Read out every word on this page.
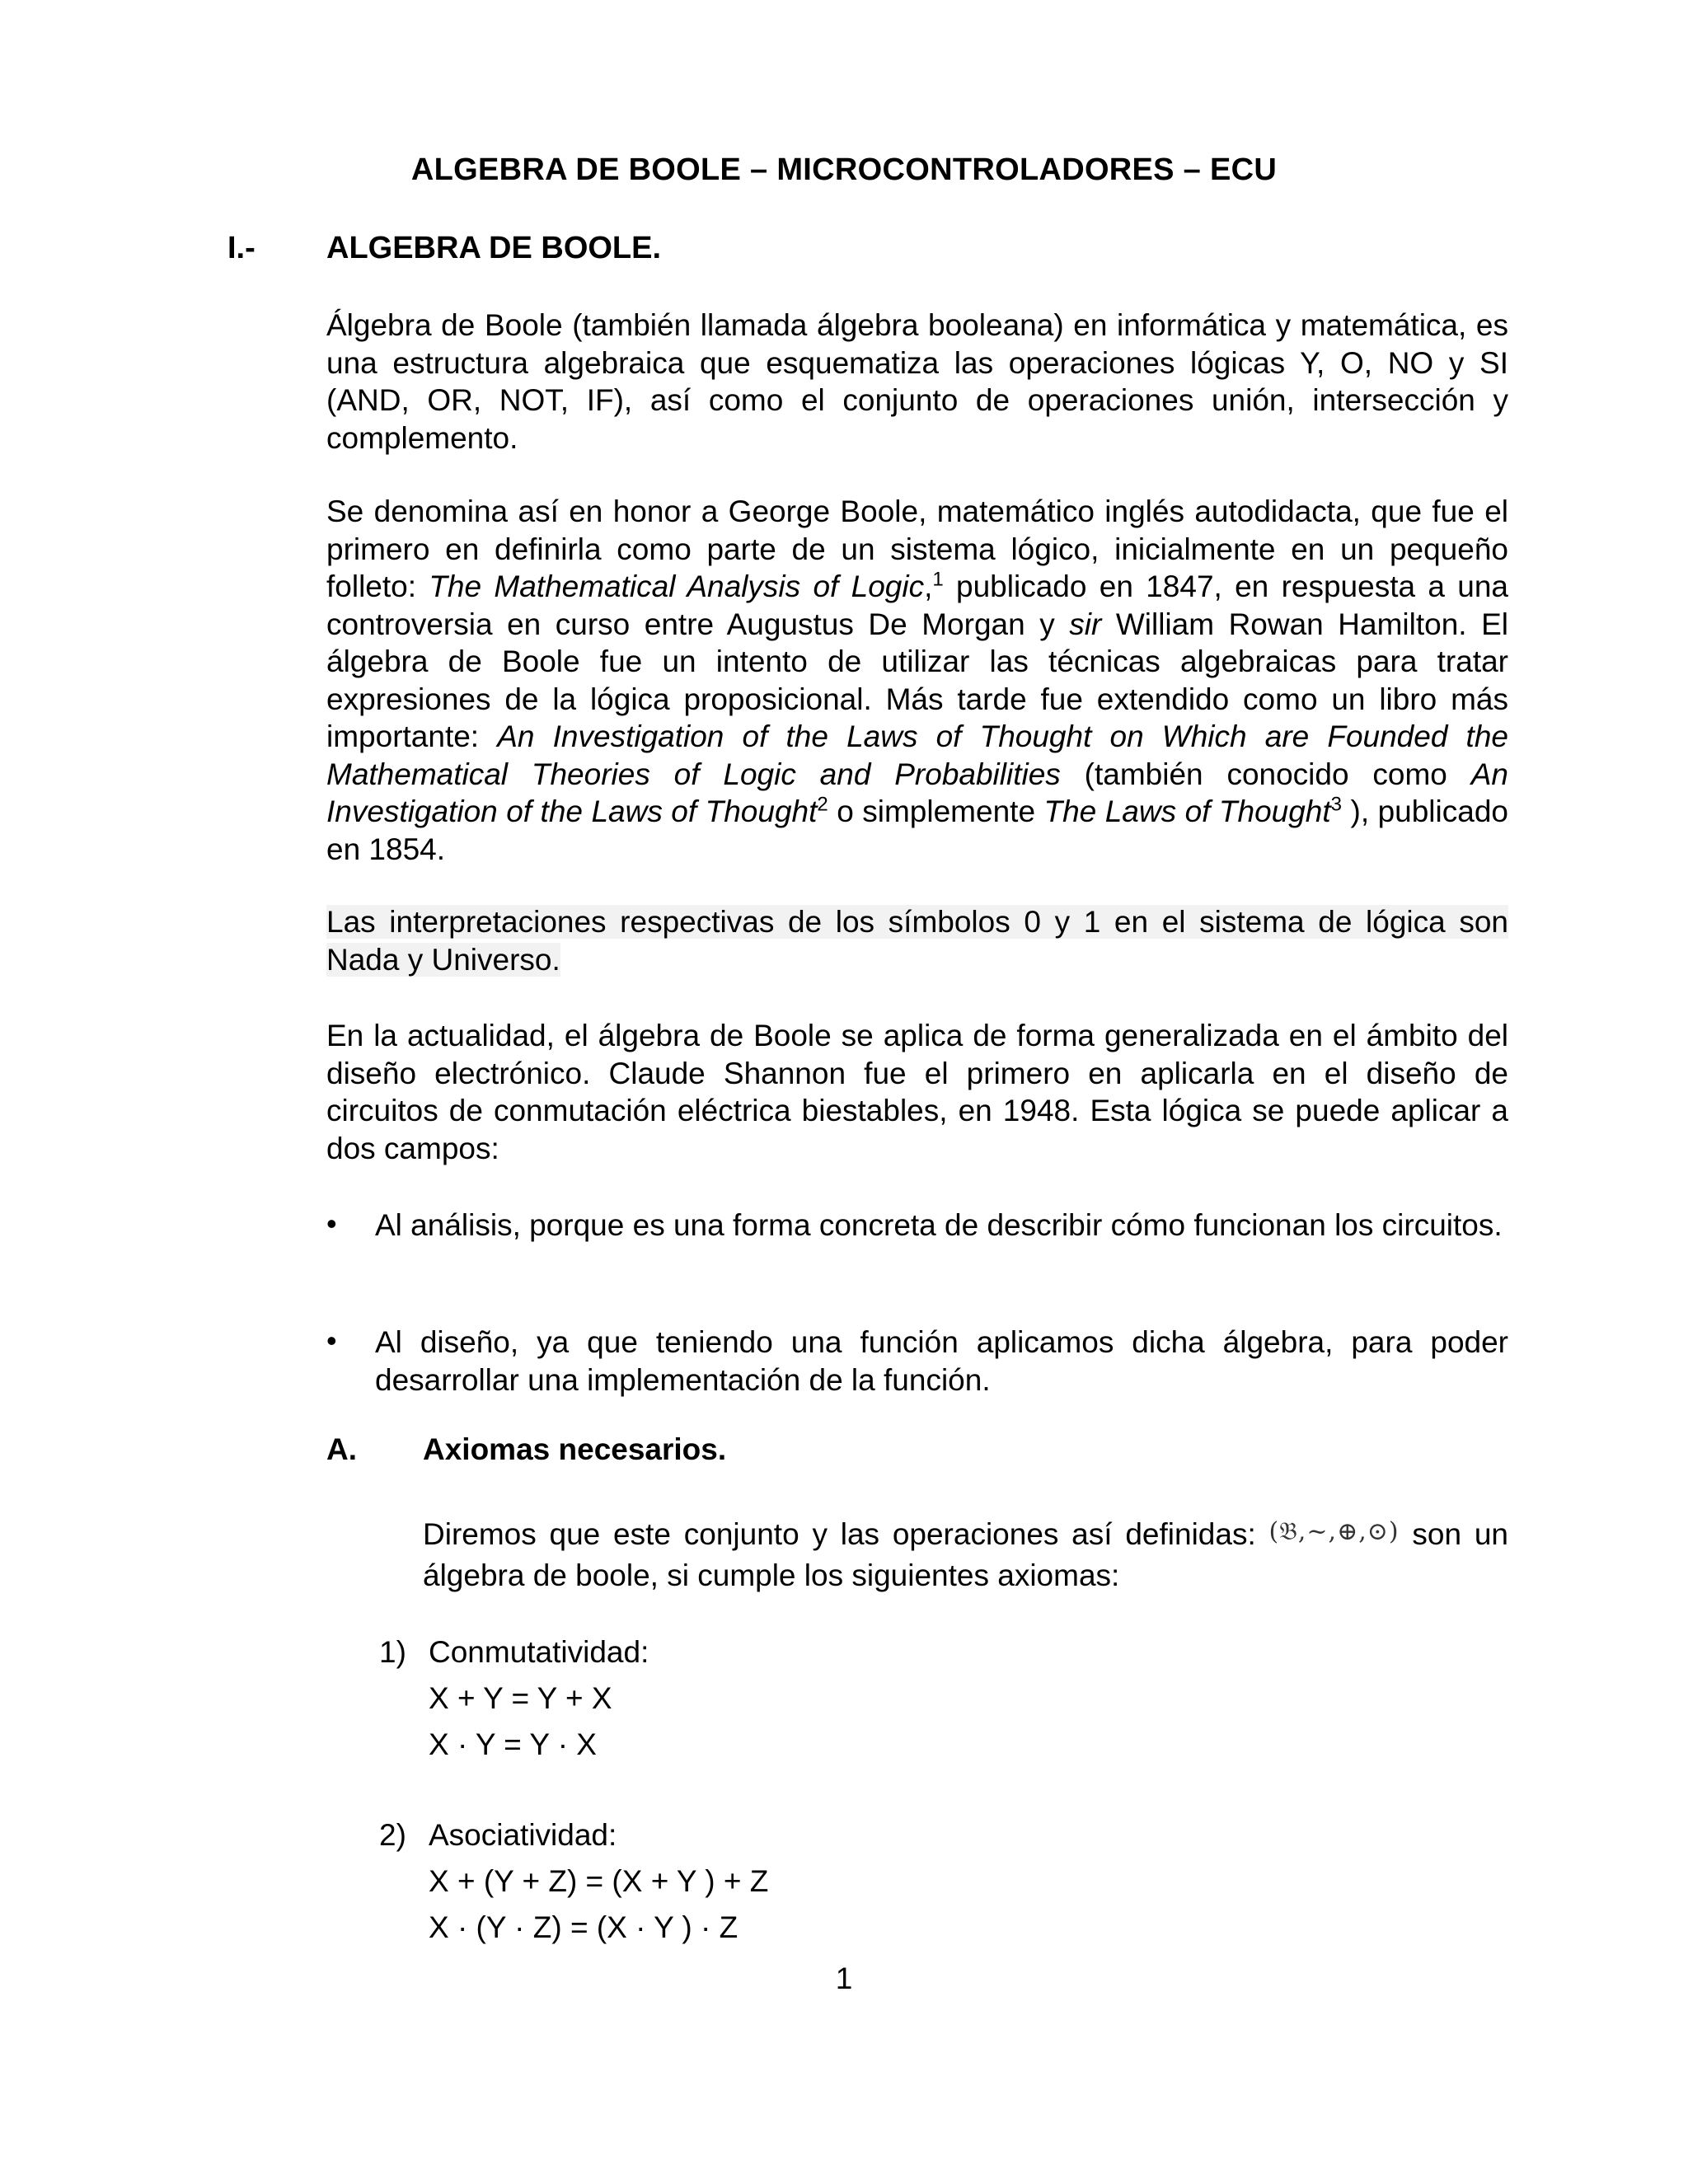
ALGEBRA DE BOOLE – MICROCONTROLADORES – ECU
I.- ALGEBRA DE BOOLE.
Álgebra de Boole (también llamada álgebra booleana) en informática y matemática, es una estructura algebraica que esquematiza las operaciones lógicas Y, O, NO y SI (AND, OR, NOT, IF), así como el conjunto de operaciones unión, intersección y complemento.
Se denomina así en honor a George Boole, matemático inglés autodidacta, que fue el primero en definirla como parte de un sistema lógico, inicialmente en un pequeño folleto: The Mathematical Analysis of Logic,$^1$ publicado en 1847, en respuesta a una controversia en curso entre Augustus De Morgan y sir William Rowan Hamilton. El álgebra de Boole fue un intento de utilizar las técnicas algebraicas para tratar expresiones de la lógica proposicional. Más tarde fue extendido como un libro más importante: An Investigation of the Laws of Thought on Which are Founded the Mathematical Theories of Logic and Probabilities (también conocido como An Investigation of the Laws of Thought$^2$ o simplemente The Laws of Thought$^3$ ), publicado en 1854.
Las interpretaciones respectivas de los símbolos 0 y 1 en el sistema de lógica son Nada y Universo.
En la actualidad, el álgebra de Boole se aplica de forma generalizada en el ámbito del diseño electrónico. Claude Shannon fue el primero en aplicarla en el diseño de circuitos de conmutación eléctrica biestables, en 1948. Esta lógica se puede aplicar a dos campos:
• Al análisis, porque es una forma concreta de describir cómo funcionan los circuitos.
• Al diseño, ya que teniendo una función aplicamos dicha álgebra, para poder desarrollar una implementación de la función.
A. Axiomas necesarios.
Diremos que este conjunto y las operaciones así definidas: (𝔅,~,⊕,⊙) son un álgebra de boole, si cumple los siguientes axiomas:
1) Conmutatividad:
X + Y = Y + X
X · Y = Y · X
2) Asociatividad:
X + (Y + Z) = (X + Y ) + Z
X · (Y · Z) = (X · Y ) · Z
1
